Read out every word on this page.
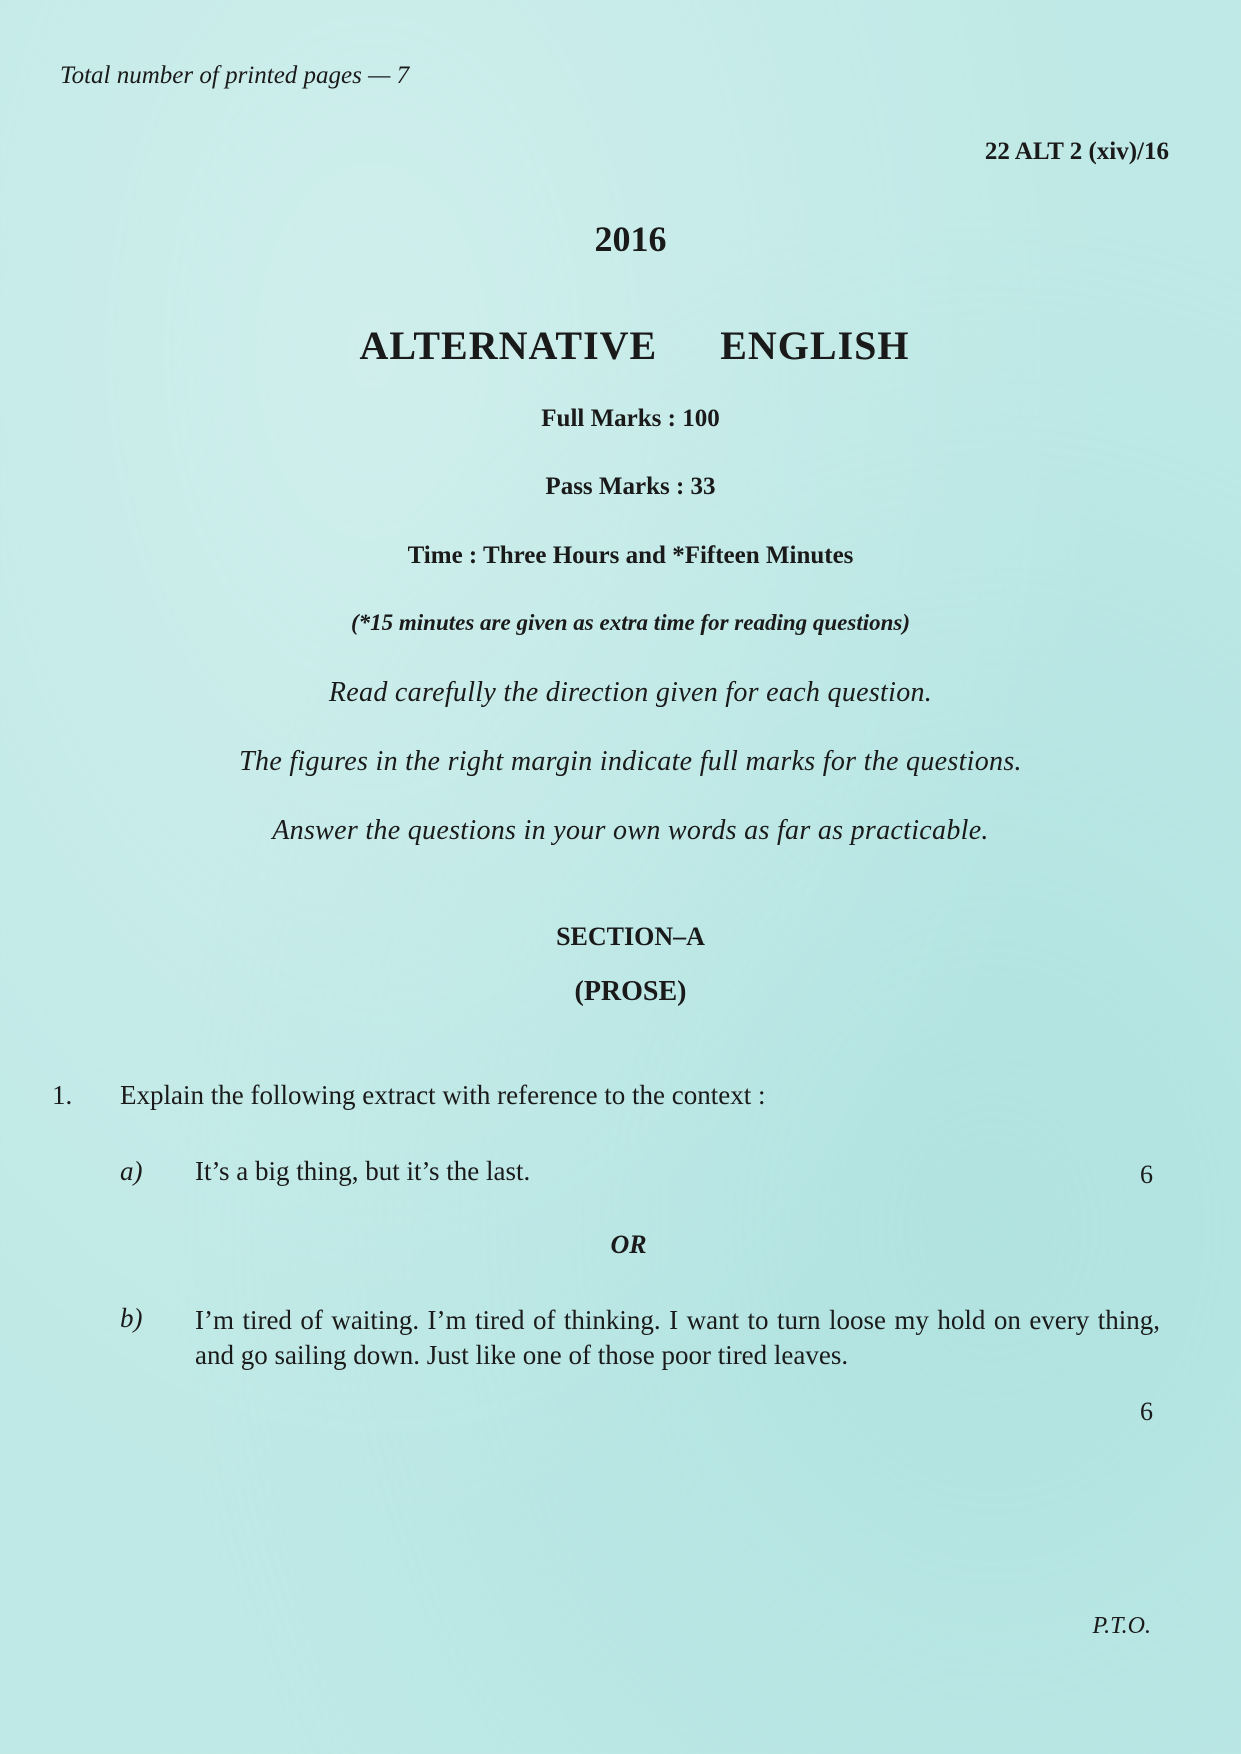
Total number of printed pages — 7
22 ALT 2 (xiv)/16
2016
ALTERNATIVE   ENGLISH
Full Marks : 100
Pass Marks : 33
Time : Three Hours and *Fifteen Minutes
(*15 minutes are given as extra time for reading questions)
Read carefully the direction given for each question.
The figures in the right margin indicate full marks for the questions.
Answer the questions in your own words as far as practicable.
SECTION–A
(PROSE)
1. Explain the following extract with reference to the context :
a) It’s a big thing, but it’s the last.	6
OR
b) I’m tired of waiting. I’m tired of thinking. I want to turn loose my hold on every thing, and go sailing down. Just like one of those poor tired leaves.
6
P.T.O.
